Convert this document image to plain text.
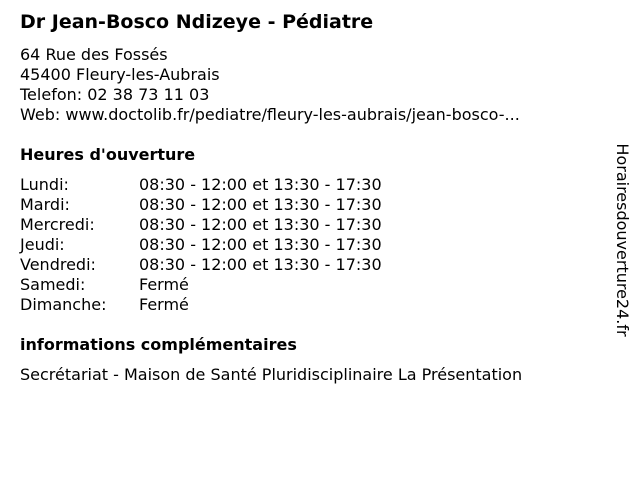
Dr Jean-Bosco Ndizeye - Pédiatre
64 Rue des Fossés
45400 Fleury-les-Aubrais
Telefon: 02 38 73 11 03
Web: www.doctolib.fr/pediatre/fleury-les-aubrais/jean-bosco-...
Heures d'ouverture
Lundi:	08:30 - 12:00 et 13:30 - 17:30
Mardi:	08:30 - 12:00 et 13:30 - 17:30
Mercredi:	08:30 - 12:00 et 13:30 - 17:30
Jeudi:	08:30 - 12:00 et 13:30 - 17:30
Vendredi:	08:30 - 12:00 et 13:30 - 17:30
Samedi:	Fermé
Dimanche: Fermé
informations complémentaires
Secrétariat - Maison de Santé Pluridisciplinaire La Présentation
Horairesdouverture24.fr
